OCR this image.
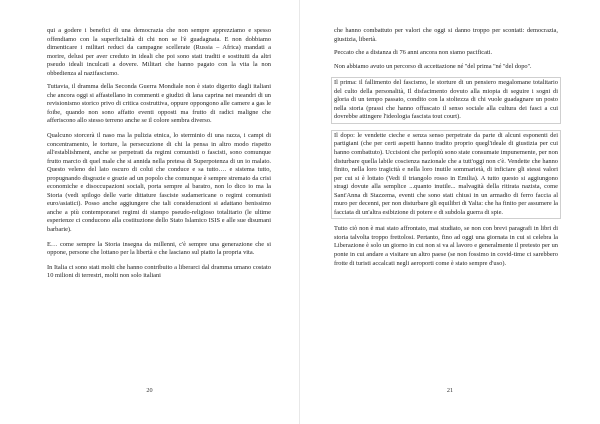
qui a godere i benefici di una democrazia che non sempre apprezziamo e spesso offendiamo con la superficialità di chi non se l'è guadagnata. E non dobbiamo dimenticare i militari reduci da campagne scellerate (Russia – Africa) mandati a morire, delusi per aver creduto in ideali che poi sono stati traditi e sostituiti da altri pseudo ideali inculcati a dovere. Militari che hanno pagato con la vita la non obbedienza al nazifascismo.

Tuttavia, il dramma della Seconda Guerra Mondiale non è stato digerito dagli italiani che ancora oggi si affastellano in commenti e giudizi di lana caprina nei meandri di un revisionismo storico privo di critica costruttiva, oppure oppongono alle camere a gas le foibe, quando non sono affatto eventi opposti ma frutto di radici maligne che afferiscono allo stesso terreno anche se il colore sembra diverso.

Qualcuno storcerà il naso ma la pulizia etnica, lo sterminio di una razza, i campi di concentramento, le torture, la persecuzione di chi la pensa in altro modo rispetto all'establishment, anche se perpetrati da regimi comunisti o fascisti, sono comunque frutto marcio di quel male che si annida nella pretesa di Superpotenza di un io malato. Questo veleno del lato oscuro di colui che conduce e sa tutto…. e sistema tutto, propugnando disgrazie e grazie ad un popolo che comunque è sempre stremato da crisi economiche e disoccupazioni sociali, porta sempre al baratro, non lo dico io ma la Storia (vedi spilogo delle varie dittature fasciste sudamericane o regimi comunisti euro/asiatici). Posso anche aggiungere che tali considerazioni si adattano benissimo anche a più contemporanei regimi di stampo pseudo-religioso totalitario (le ultime esperienze ci conducono alla costituzione dello Stato Islamico ISIS e alle sue disumani barbarie).

E… come sempre la Storia insegna da millenni, c'è sempre una generazione che si oppone, persone che lottano per la libertà e che lasciano sul piatto la propria vita.

In Italia ci sono stati molti che hanno contribuito a liberarci dal dramma umano costato 10 milioni di terrestri, molti non solo italiani

20

che hanno combattuto per valori che oggi si danno troppo per scontati: democrazia, giustizia, libertà.

Peccato che a distanza di 76 anni ancora non siamo pacificati.

Non abbiamo avuto un percorso di accettazione né ''del prima ''né ''del dopo''.

Il prima: il fallimento del fascismo, le storture di un pensiero megalomane totalitario del culto della personalità, Il disfacimento dovuto alla miopia di seguire i sogni di gloria di un tempo passato, condito con la stoltezza di chi vuole guadagnare un posto nella storia (prassi che hanno offuscato il senso sociale alla cultura dei fasci a cui dovrebbe attingere l'ideologia fascista tout court).

Il dopo: le vendette cieche e senza senso perpetrate da parte di alcuni esponenti dei partigiani (che per certi aspetti hanno tradito proprio quegl'ideale di giustizia per cui hanno combattuto). Uccisioni che perlopiù sono state consumate impunemente, per non disturbare quella labile coscienza nazionale che a tutt'oggi non c'è. Vendette che hanno finito, nella loro tragicità e nella loro inutile sommarietà, di inficiare gli stessi valori per cui si è lottato (Vedi il triangolo rosso in Emilia). A tutto questo si aggiungono stragi dovute alla semplice ...quanto inutile... malvagità della ritirata nazista, come Sant'Anna di Stazzema, eventi che sono stati chiusi in un armadio di ferro faccia al muro per decenni, per non disturbare gli equilibri di Yalta: che ha finito per assumere la facciata di un'altra esibizione di potere e di subdola guerra di spie.

Tutto ciò non è mai stato affrontato, mai studiato, se non con brevi paragrafi in libri di storia talvolta troppo frettolosi. Pertanto, fino ad oggi una giornata in cui si celebra la Liberazione è solo un giorno in cui non si va al lavoro e generalmente il pretesto per un ponte in cui andare a visitare un altro paese (se non fossimo in covid-time ci sarebbero frotte di turisti accalcati negli aeroporti come è stato sempre d'uso).

21
